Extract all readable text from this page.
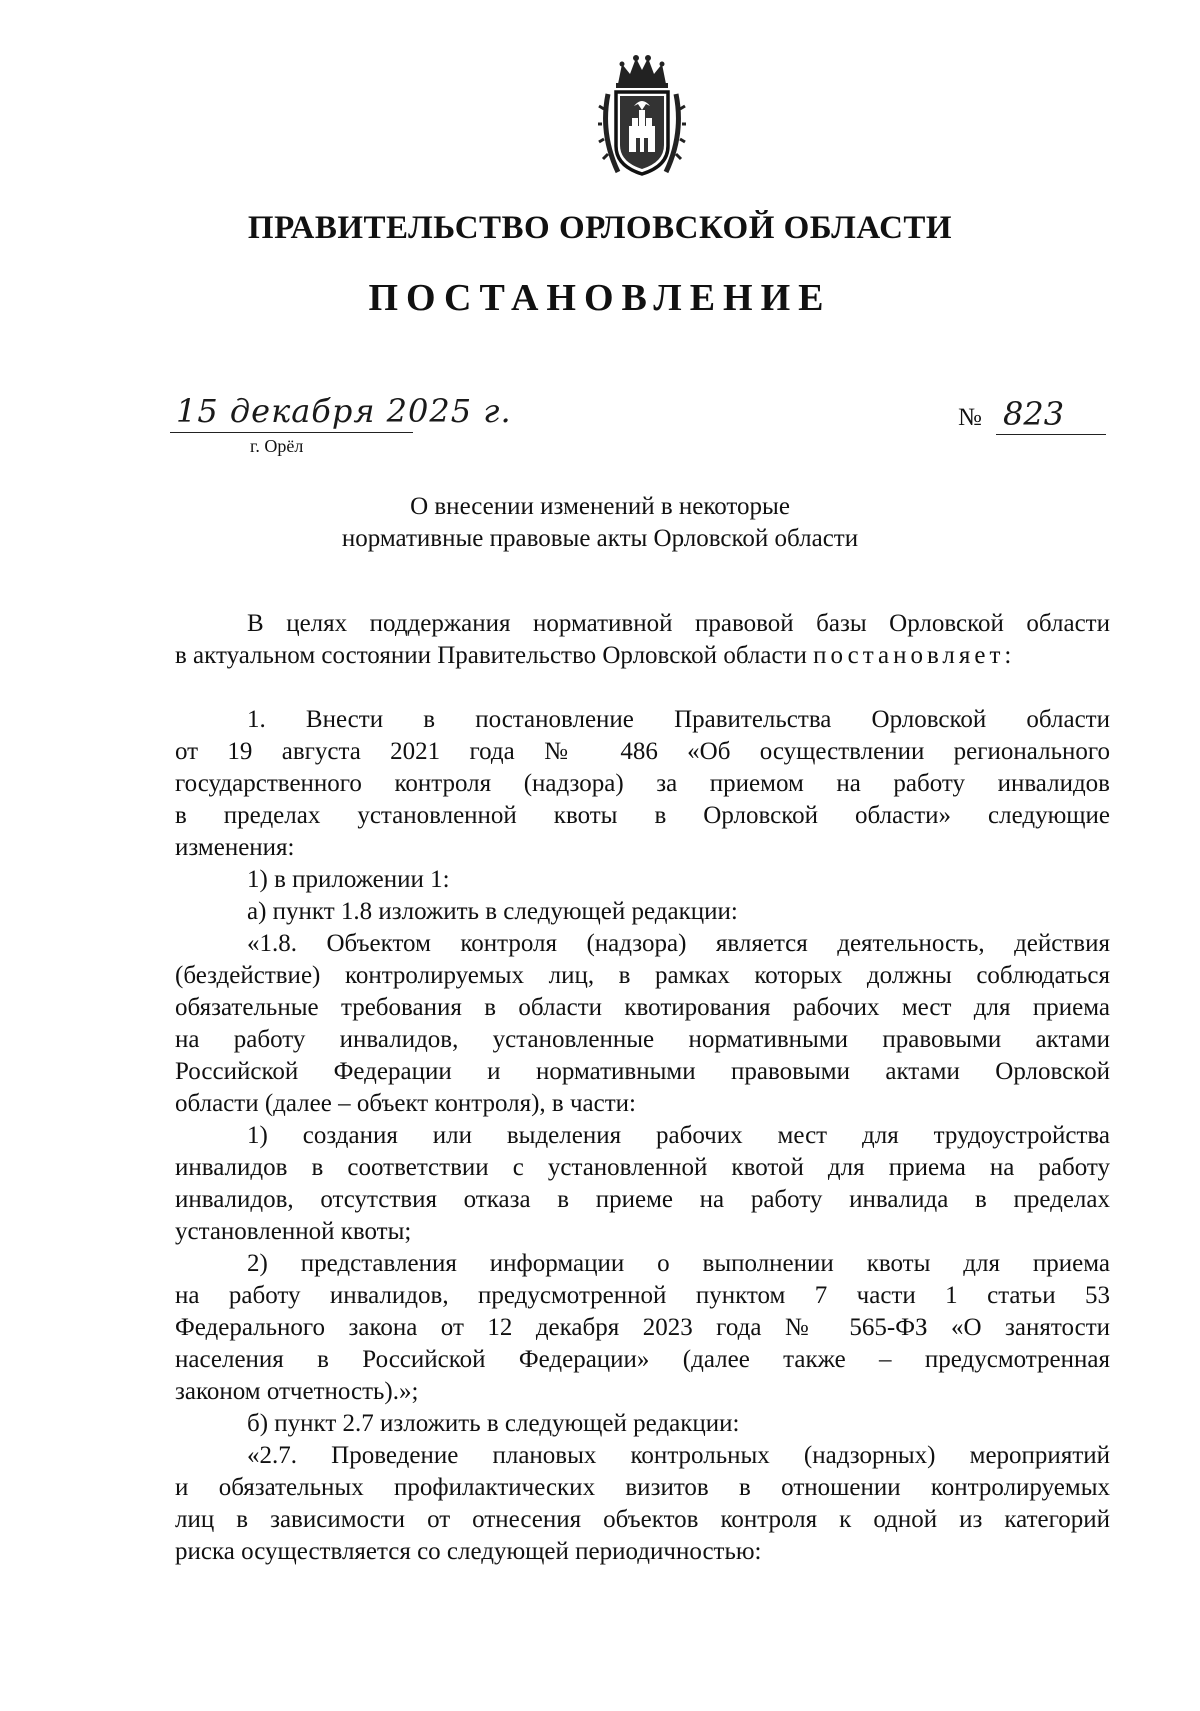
ПРАВИТЕЛЬСТВО ОРЛОВСКОЙ ОБЛАСТИ
ПОСТАНОВЛЕНИЕ
15 декабря 2025 г.
г. Орёл
№ 823
О внесении изменений в некоторые
нормативные правовые акты Орловской области

В целях поддержания нормативной правовой базы Орловской области

в актуальном состоянии Правительство Орловской области постановляет:

1. Внести в постановление Правительства Орловской области

от 19 августа 2021 года № 486 «Об осуществлении регионального

государственного контроля (надзора) за приемом на работу инвалидов

в пределах установленной квоты в Орловской области» следующие

изменения:

1) в приложении 1:

а) пункт 1.8 изложить в следующей редакции:

«1.8. Объектом контроля (надзора) является деятельность, действия

(бездействие) контролируемых лиц, в рамках которых должны соблюдаться

обязательные требования в области квотирования рабочих мест для приема

на работу инвалидов, установленные нормативными правовыми актами

Российской Федерации и нормативными правовыми актами Орловской

области (далее – объект контроля), в части:

1) создания или выделения рабочих мест для трудоустройства

инвалидов в соответствии с установленной квотой для приема на работу

инвалидов, отсутствия отказа в приеме на работу инвалида в пределах

установленной квоты;

2) представления информации о выполнении квоты для приема

на работу инвалидов, предусмотренной пунктом 7 части 1 статьи 53

Федерального закона от 12 декабря 2023 года № 565-ФЗ «О занятости

населения в Российской Федерации» (далее также – предусмотренная

законом отчетность).»;

б) пункт 2.7 изложить в следующей редакции:

«2.7. Проведение плановых контрольных (надзорных) мероприятий

и обязательных профилактических визитов в отношении контролируемых

лиц в зависимости от отнесения объектов контроля к одной из категорий

риска осуществляется со следующей периодичностью:
